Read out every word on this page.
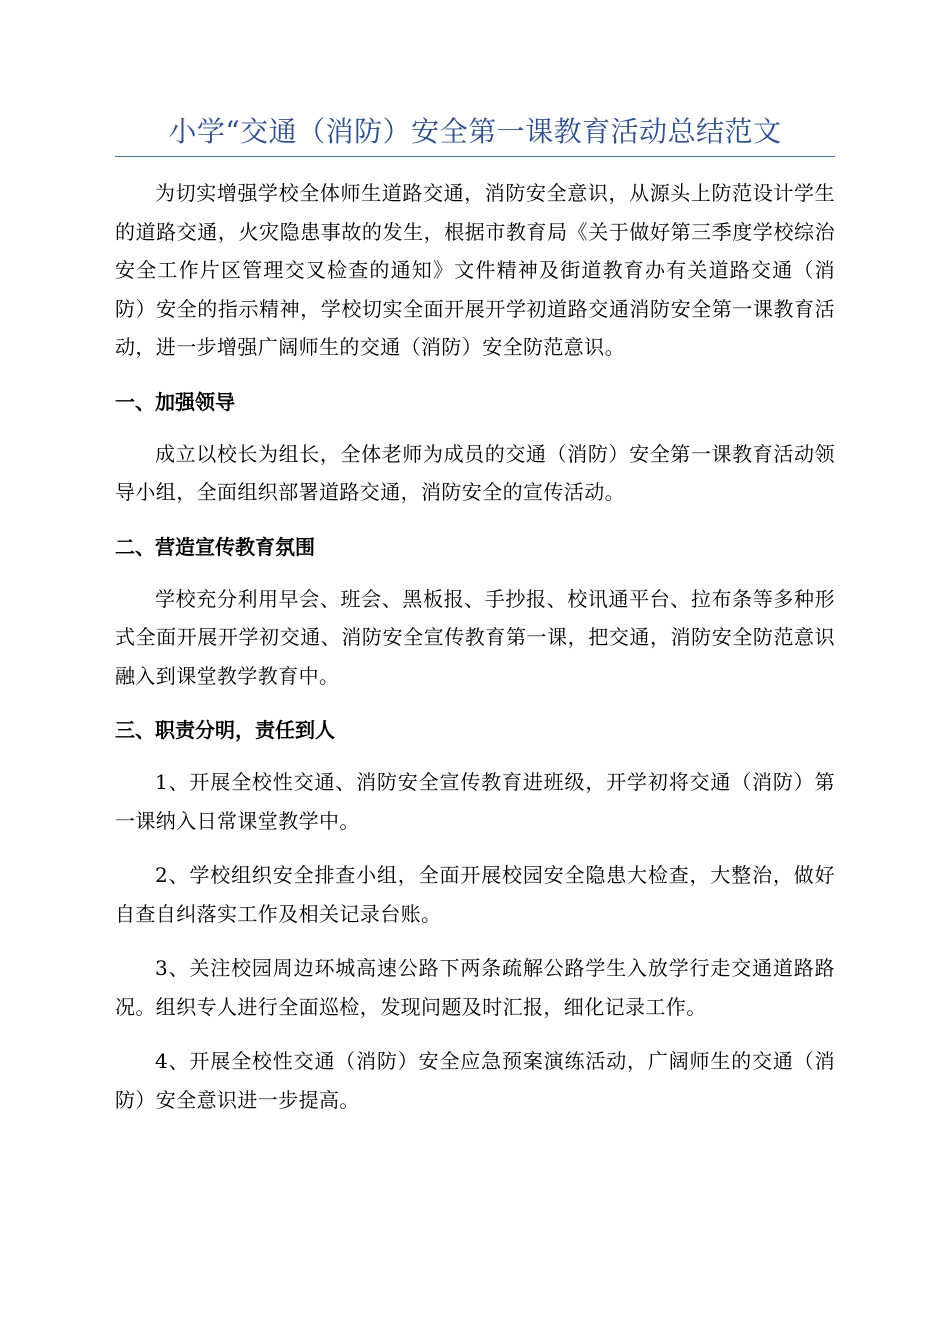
小学“交通（消防）安全第一课教育活动总结范文

为切实增强学校全体师生道路交通，消防安全意识，从源头上防范设计学生的道路交通，火灾隐患事故的发生，根据市教育局《关于做好第三季度学校综治安全工作片区管理交叉检查的通知》文件精神及街道教育办有关道路交通（消防）安全的指示精神，学校切实全面开展开学初道路交通消防安全第一课教育活动，进一步增强广阔师生的交通（消防）安全防范意识。

一、加强领导

成立以校长为组长，全体老师为成员的交通（消防）安全第一课教育活动领导小组，全面组织部署道路交通，消防安全的宣传活动。

二、营造宣传教育氛围

学校充分利用早会、班会、黑板报、手抄报、校讯通平台、拉布条等多种形式全面开展开学初交通、消防安全宣传教育第一课，把交通，消防安全防范意识融入到课堂教学教育中。

三、职责分明，责任到人

1、开展全校性交通、消防安全宣传教育进班级，开学初将交通（消防）第一课纳入日常课堂教学中。

2、学校组织安全排查小组，全面开展校园安全隐患大检查，大整治，做好自查自纠落实工作及相关记录台账。

3、关注校园周边环城高速公路下两条疏解公路学生入放学行走交通道路路况。组织专人进行全面巡检，发现问题及时汇报，细化记录工作。

4、开展全校性交通（消防）安全应急预案演练活动，广阔师生的交通（消防）安全意识进一步提高。
